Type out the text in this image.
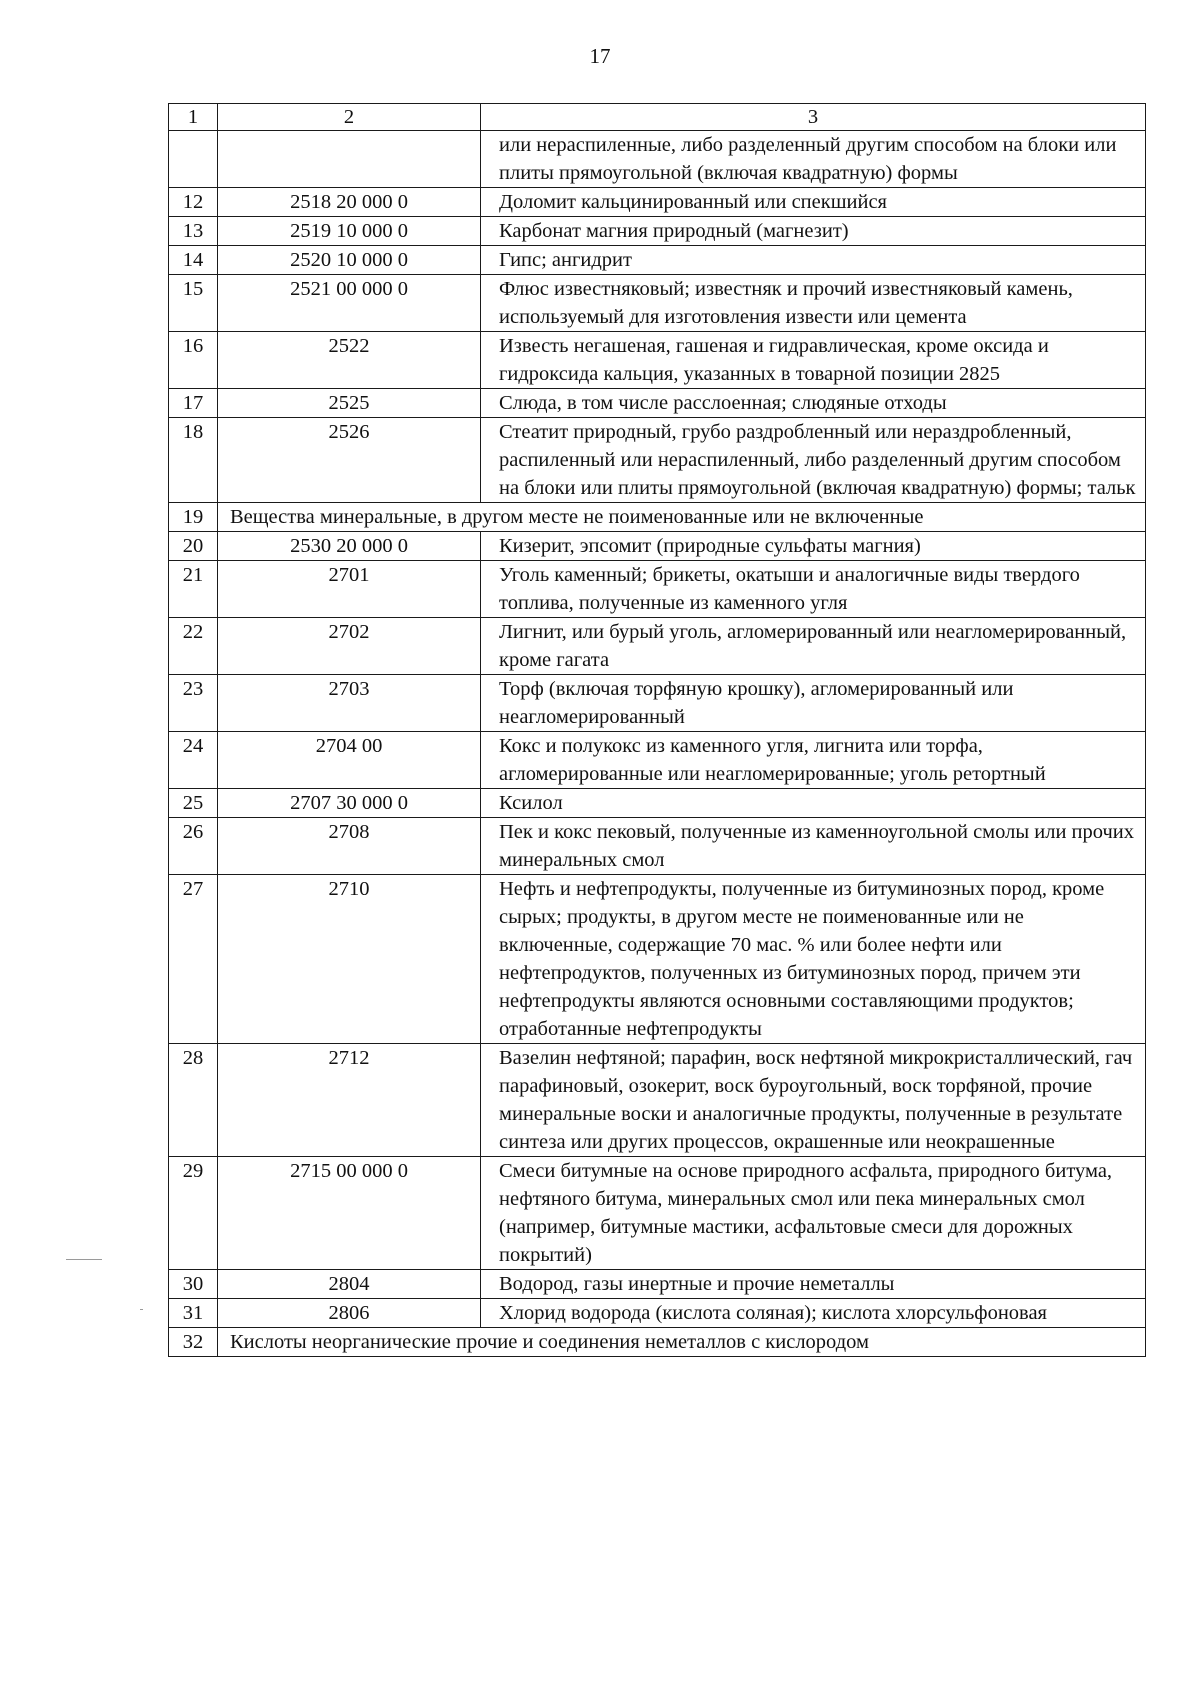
17
1	2	3
		или нераспиленные, либо разделенный другим способом на блоки или плиты прямоугольной (включая квадратную) формы
12	2518 20 000 0	Доломит кальцинированный или спекшийся
13	2519 10 000 0	Карбонат магния природный (магнезит)
14	2520 10 000 0	Гипс; ангидрит
15	2521 00 000 0	Флюс известняковый; известняк и прочий известняковый камень, используемый для изготовления извести или цемента
16	2522	Известь негашеная, гашеная и гидравлическая, кроме оксида и гидроксида кальция, указанных в товарной позиции 2825
17	2525	Слюда, в том числе расслоенная; слюдяные отходы
18	2526	Стеатит природный, грубо раздробленный или нераздробленный, распиленный или нераспиленный, либо разделенный другим способом на блоки или плиты прямоугольной (включая квадратную) формы; тальк
19	Вещества минеральные, в другом месте не поименованные или не включенные	
20	2530 20 000 0	Кизерит, эпсомит (природные сульфаты магния)
21	2701	Уголь каменный; брикеты, окатыши и аналогичные виды твердого топлива, полученные из каменного угля
22	2702	Лигнит, или бурый уголь, агломерированный или неагломерированный, кроме гагата
23	2703	Торф (включая торфяную крошку), агломерированный или неагломерированный
24	2704 00	Кокс и полукокс из каменного угля, лигнита или торфа, агломерированные или неагломерированные; уголь ретортный
25	2707 30 000 0	Ксилол
26	2708	Пек и кокс пековый, полученные из каменноугольной смолы или прочих минеральных смол
27	2710	Нефть и нефтепродукты, полученные из битуминозных пород, кроме сырых; продукты, в другом месте не поименованные или не включенные, содержащие 70 мас. % или более нефти или нефтепродуктов, полученных из битуминозных пород, причем эти нефтепродукты являются основными составляющими продуктов; отработанные нефтепродукты
28	2712	Вазелин нефтяной; парафин, воск нефтяной микрокристаллический, гач парафиновый, озокерит, воск буроугольный, воск торфяной, прочие минеральные воски и аналогичные продукты, полученные в результате синтеза или других процессов, окрашенные или неокрашенные
29	2715 00 000 0	Смеси битумные на основе природного асфальта, природного битума, нефтяного битума, минеральных смол или пека минеральных смол (например, битумные мастики, асфальтовые смеси для дорожных покрытий)
30	2804	Водород, газы инертные и прочие неметаллы
31	2806	Хлорид водорода (кислота соляная); кислота хлорсульфоновая
32	Кислоты неорганические прочие и соединения неметаллов с кислородом	
